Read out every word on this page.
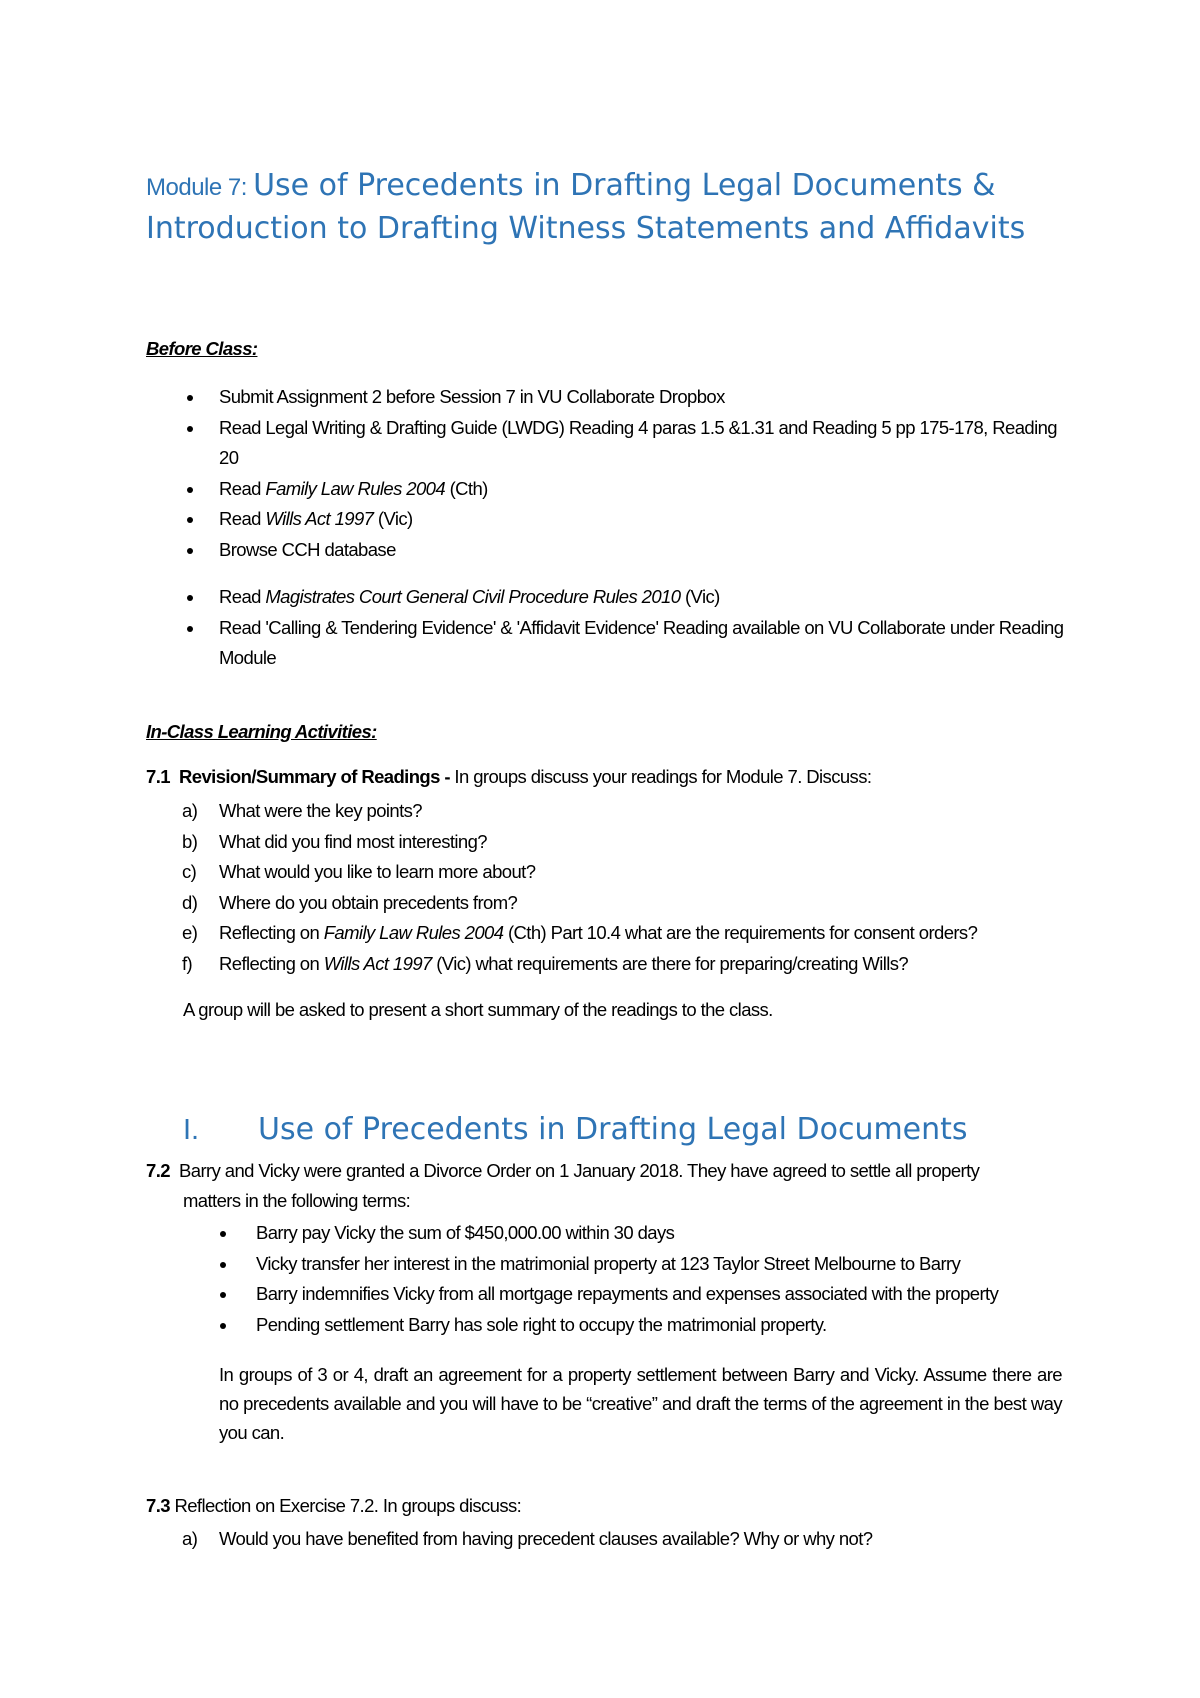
Module 7: Use of Precedents in Drafting Legal Documents & Introduction to Drafting Witness Statements and Affidavits
Before Class:
Submit Assignment 2 before Session 7 in VU Collaborate Dropbox
Read Legal Writing & Drafting Guide (LWDG) Reading 4 paras 1.5 &1.31 and Reading 5 pp 175-178, Reading 20
Read Family Law Rules 2004 (Cth)
Read Wills Act 1997 (Vic)
Browse CCH database
Read Magistrates Court General Civil Procedure Rules 2010 (Vic)
Read 'Calling & Tendering Evidence' & 'Affidavit Evidence' Reading available on VU Collaborate under Reading Module
In-Class Learning Activities:
7.1 Revision/Summary of Readings - In groups discuss your readings for Module 7. Discuss:
a) What were the key points?
b) What did you find most interesting?
c) What would you like to learn more about?
d) Where do you obtain precedents from?
e) Reflecting on Family Law Rules 2004 (Cth) Part 10.4 what are the requirements for consent orders?
f) Reflecting on Wills Act 1997 (Vic) what requirements are there for preparing/creating Wills?
A group will be asked to present a short summary of the readings to the class.
I. Use of Precedents in Drafting Legal Documents
7.2 Barry and Vicky were granted a Divorce Order on 1 January 2018. They have agreed to settle all property
matters in the following terms:
Barry pay Vicky the sum of $450,000.00 within 30 days
Vicky transfer her interest in the matrimonial property at 123 Taylor Street Melbourne to Barry
Barry indemnifies Vicky from all mortgage repayments and expenses associated with the property
Pending settlement Barry has sole right to occupy the matrimonial property.
In groups of 3 or 4, draft an agreement for a property settlement between Barry and Vicky. Assume there are no precedents available and you will have to be “creative” and draft the terms of the agreement in the best way you can.
7.3 Reflection on Exercise 7.2. In groups discuss:
a) Would you have benefited from having precedent clauses available? Why or why not?
